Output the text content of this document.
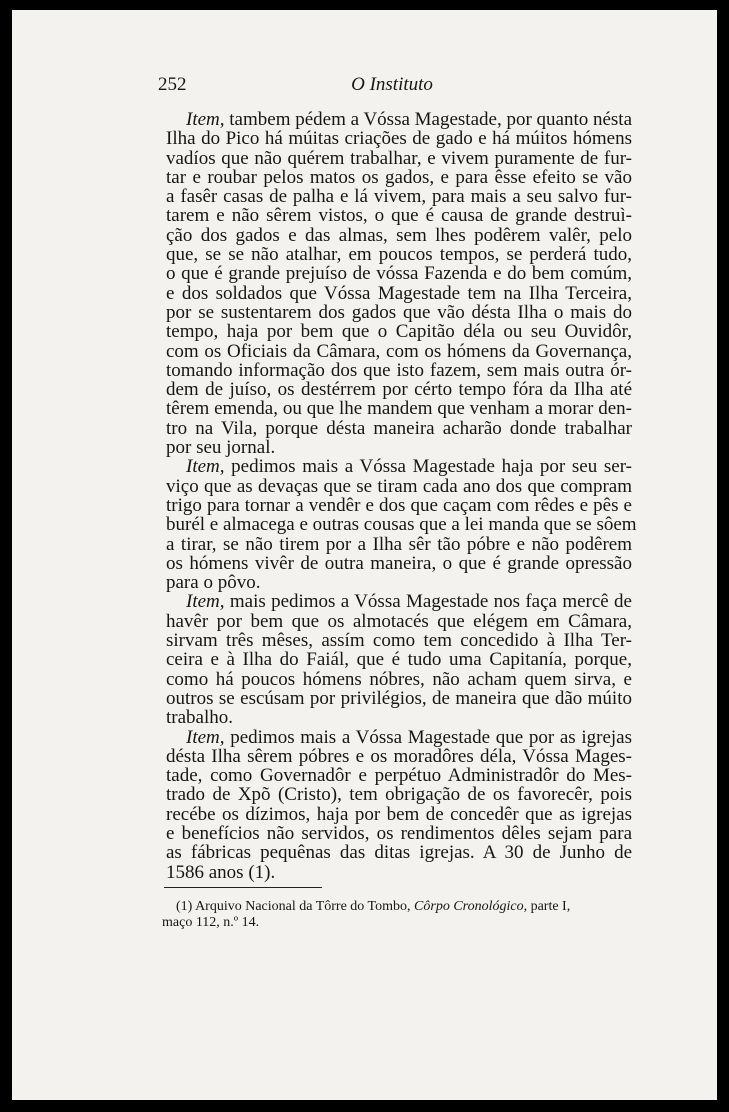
252	O Instituto
Item, tambem pédem a Vóssa Magestade, por quanto nésta
Ilha do Pico há múitas criações de gado e há múitos hómens
vadíos que não quérem trabalhar, e vivem puramente de fur-
tar e roubar pelos matos os gados, e para êsse efeito se vão
a fasêr casas de palha e lá vivem, para mais a seu salvo fur-
tarem e não sêrem vistos, o que é causa de grande destruì-
ção dos gados e das almas, sem lhes podêrem valêr, pelo
que, se se não atalhar, em poucos tempos, se perderá tudo,
o que é grande prejuíso de vóssa Fazenda e do bem comúm,
e dos soldados que Vóssa Magestade tem na Ilha Terceira,
por se sustentarem dos gados que vão désta Ilha o mais do
tempo, haja por bem que o Capitão déla ou seu Ouvidôr,
com os Oficiais da Câmara, com os hómens da Governança,
tomando informação dos que isto fazem, sem mais outra ór-
dem de juíso, os destérrem por cérto tempo fóra da Ilha até
têrem emenda, ou que lhe mandem que venham a morar den-
tro na Vila, porque désta maneira acharão donde trabalhar
por seu jornal.
Item, pedimos mais a Vóssa Magestade haja por seu ser-
viço que as devaças que se tiram cada ano dos que compram
trigo para tornar a vendêr e dos que caçam com rêdes e pês e
burél e almacega e outras cousas que a lei manda que se sôem
a tirar, se não tirem por a Ilha sêr tão póbre e não podêrem
os hómens vivêr de outra maneira, o que é grande opressão
para o pôvo.
Item, mais pedimos a Vóssa Magestade nos faça mercê de
havêr por bem que os almotacés que elégem em Câmara,
sirvam três mêses, assím como tem concedido à Ilha Ter-
ceira e à Ilha do Faiál, que é tudo uma Capitanía, porque,
como há poucos hómens nóbres, não acham quem sirva, e
outros se escúsam por privilégios, de maneira que dão múito
trabalho.
Item, pedimos mais a Vóssa Magestade que por as igrejas
désta Ilha sêrem póbres e os moradôres déla, Vóssa Mages-
tade, como Governadôr e perpétuo Administradôr do Mes-
trado de Xpõ (Cristo), tem obrigação de os favorecêr, pois
recébe os dízimos, haja por bem de concedêr que as igrejas
e benefícios não servidos, os rendimentos dêles sejam para
as fábricas pequênas das ditas igrejas. A 30 de Junho de
1586 anos (1).

(1) Arquivo Nacional da Tôrre do Tombo, Côrpo Cronológico, parte I,
maço 112, n.º 14.
